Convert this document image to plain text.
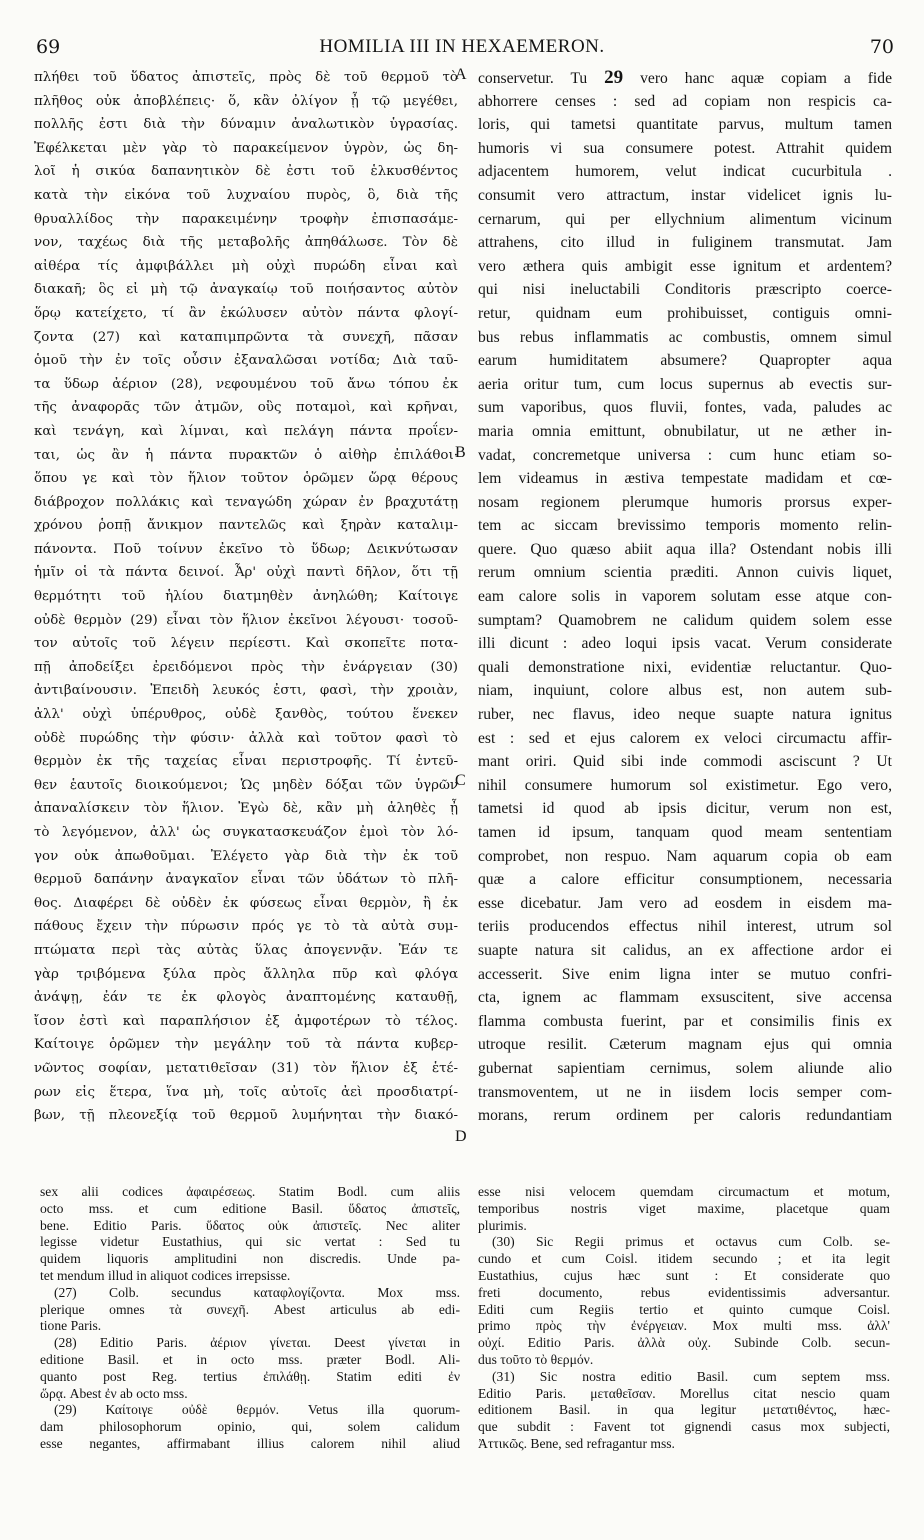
69	HOMILIA III IN HEXAEMERON.	70
πλήθει τοῦ ὕδατος ἀπιστεῖς, πρὸς δὲ τοῦ θερμοῦ τὸ
πλῆθος οὐκ ἀποβλέπεις· ὅ, κἂν ὀλίγον ᾖ τῷ μεγέθει,
πολλῆς ἐστι διὰ τὴν δύναμιν ἀναλωτικὸν ὑγρασίας.
Ἐφέλκεται μὲν γὰρ τὸ παρακείμενον ὑγρὸν, ὡς δη-
λοῖ ἡ σικύα δαπανητικὸν δὲ ἐστι τοῦ ἑλκυσθέντος
κατὰ τὴν εἰκόνα τοῦ λυχναίου πυρὸς, ὃ, διὰ τῆς
θρυαλλίδος τὴν παρακειμένην τροφὴν ἐπισπασάμε-
νον, ταχέως διὰ τῆς μεταβολῆς ἀπηθάλωσε. Τὸν δὲ
αἰθέρα τίς ἀμφιβάλλει μὴ οὐχὶ πυρώδη εἶναι καὶ
διακαῆ; ὃς εἰ μὴ τῷ ἀναγκαίῳ τοῦ ποιήσαντος αὐτὸν
ὅρῳ κατείχετο, τί ἂν ἐκώλυσεν αὐτὸν πάντα φλογί-
ζοντα (27) καὶ καταπιμπρῶντα τὰ συνεχῆ, πᾶσαν
ὁμοῦ τὴν ἐν τοῖς οὖσιν ἐξαναλῶσαι νοτίδα; Διὰ ταῦ-
τα ὕδωρ ἀέριον (28), νεφουμένου τοῦ ἄνω τόπου ἐκ
τῆς ἀναφορᾶς τῶν ἀτμῶν, οὓς ποταμοὶ, καὶ κρῆναι,
καὶ τενάγη, καὶ λίμναι, καὶ πελάγη πάντα προΐεν-
ται, ὡς ἂν ἡ πάντα πυρακτῶν ὁ αἰθὴρ ἐπιλάθοι·
ὅπου γε καὶ τὸν ἥλιον τοῦτον ὁρῶμεν ὥρᾳ θέρους
διάβροχον πολλάκις καὶ τεναγώδη χώραν ἐν βραχυτάτῃ
χρόνου ῥοπῇ ἄνικμον παντελῶς καὶ ξηρὰν καταλιμ-
πάνοντα. Ποῦ τοίνυν ἐκεῖνο τὸ ὕδωρ; Δεικνύτωσαν
ἡμῖν οἱ τὰ πάντα δεινοί. Ἆρ' οὐχὶ παντὶ δῆλον, ὅτι τῇ
θερμότητι τοῦ ἡλίου διατμηθὲν ἀνηλώθη; Καίτοιγε
οὐδὲ θερμὸν (29) εἶναι τὸν ἥλιον ἐκεῖνοι λέγουσι· τοσοῦ-
τον αὐτοῖς τοῦ λέγειν περίεστι. Καὶ σκοπεῖτε ποτα-
πῇ ἀποδείξει ἐρειδόμενοι πρὸς τὴν ἐνάργειαν (30)
ἀντιβαίνουσιν. Ἐπειδὴ λευκός ἐστι, φασὶ, τὴν χροιὰν,
ἀλλ' οὐχὶ ὑπέρυθρος, οὐδὲ ξανθὸς, τούτου ἕνεκεν
οὐδὲ πυρώδης τὴν φύσιν· ἀλλὰ καὶ τοῦτον φασὶ τὸ
θερμὸν ἐκ τῆς ταχείας εἶναι περιστροφῆς. Τί ἐντεῦ-
θεν ἑαυτοῖς διοικούμενοι; Ὡς μηδὲν δόξαι τῶν ὑγρῶν
ἀπαναλίσκειν τὸν ἥλιον. Ἐγὼ δὲ, κἂν μὴ ἀληθὲς ᾖ
τὸ λεγόμενον, ἀλλ' ὡς συγκατασκευάζον ἐμοὶ τὸν λό-
γον οὐκ ἀπωθοῦμαι. Ἐλέγετο γὰρ διὰ τὴν ἐκ τοῦ
θερμοῦ δαπάνην ἀναγκαῖον εἶναι τῶν ὑδάτων τὸ πλῆ-
θος. Διαφέρει δὲ οὐδὲν ἐκ φύσεως εἶναι θερμὸν, ἢ ἐκ
πάθους ἔχειν τὴν πύρωσιν πρός γε τὸ τὰ αὐτὰ συμ-
πτώματα περὶ τὰς αὐτὰς ὕλας ἀπογεννᾷν. Ἐάν τε
γὰρ τριβόμενα ξύλα πρὸς ἄλληλα πῦρ καὶ φλόγα
ἀνάψῃ, ἐάν τε ἐκ φλογὸς ἀναπτομένης καταυθῇ,
ἴσον ἐστὶ καὶ παραπλήσιον ἐξ ἀμφοτέρων τὸ τέλος.
Καίτοιγε ὁρῶμεν τὴν μεγάλην τοῦ τὰ πάντα κυβερ-
νῶντος σοφίαν, μετατιθεῖσαν (31) τὸν ἥλιον ἐξ ἑτέ-
ρων εἰς ἕτερα, ἵνα μὴ, τοῖς αὐτοῖς ἀεὶ προσδιατρί-
βων, τῇ πλεονεξίᾳ τοῦ θερμοῦ λυμήνηται τὴν διακό-
A
B
C
D
conservetur. Tu 29 vero hanc aquæ copiam a fide
abhorrere censes : sed ad copiam non respicis ca-
loris, qui tametsi quantitate parvus, multum tamen
humoris vi sua consumere potest. Attrahit quidem
adjacentem humorem, velut indicat cucurbitula .
consumit vero attractum, instar videlicet ignis lu-
cernarum, qui per ellychnium alimentum vicinum
attrahens, cito illud in fuliginem transmutat. Jam
vero æthera quis ambigit esse ignitum et ardentem?
qui nisi ineluctabili Conditoris præscripto coerce-
retur, quidnam eum prohibuisset, contiguis omni-
bus rebus inflammatis ac combustis, omnem simul
earum humiditatem absumere? Quapropter aqua
aeria oritur tum, cum locus supernus ab evectis sur-
sum vaporibus, quos fluvii, fontes, vada, paludes ac
maria omnia emittunt, obnubilatur, ut ne æther in-
vadat, concremetque universa : cum hunc etiam so-
lem videamus in æstiva tempestate madidam et cœ-
nosam regionem plerumque humoris prorsus exper-
tem ac siccam brevissimo temporis momento relin-
quere. Quo quæso abiit aqua illa? Ostendant nobis illi
rerum omnium scientia præditi. Annon cuivis liquet,
eam calore solis in vaporem solutam esse atque con-
sumptam? Quamobrem ne calidum quidem solem esse
illi dicunt : adeo loqui ipsis vacat. Verum considerate
quali demonstratione nixi, evidentiæ reluctantur. Quo-
niam, inquiunt, colore albus est, non autem sub-
ruber, nec flavus, ideo neque suapte natura ignitus
est : sed et ejus calorem ex veloci circumactu affir-
mant oriri. Quid sibi inde commodi asciscunt ? Ut
nihil consumere humorum sol existimetur. Ego vero,
tametsi id quod ab ipsis dicitur, verum non est,
tamen id ipsum, tanquam quod meam sententiam
comprobet, non respuo. Nam aquarum copia ob eam
quæ a calore efficitur consumptionem, necessaria
esse dicebatur. Jam vero ad eosdem in eisdem ma-
teriis producendos effectus nihil interest, utrum sol
suapte natura sit calidus, an ex affectione ardor ei
accesserit. Sive enim ligna inter se mutuo confri-
cta, ignem ac flammam exsuscitent, sive accensa
flamma combusta fuerint, par et consimilis finis ex
utroque resilit. Cæterum magnam ejus qui omnia
gubernat sapientiam cernimus, solem aliunde alio
transmoventem, ut ne in iisdem locis semper com-
morans, rerum ordinem per caloris redundantiam
sex alii codices ἀφαιρέσεως. Statim Bodl. cum aliis
octo mss. et cum editione Basil. ὕδατος ἀπιστεῖς,
bene. Editio Paris. ὕδατος οὐκ ἀπιστεῖς. Nec aliter
legisse videtur Eustathius, qui sic vertat : Sed tu
quidem liquoris amplitudini non discredis. Unde pa-
tet mendum illud in aliquot codices irrepsisse.
(27) Colb. secundus καταφλογίζοντα. Mox mss.
plerique omnes τὰ συνεχῆ. Abest articulus ab edi-
tione Paris.
(28) Editio Paris. ἀέριον γίνεται. Deest γίνεται in
editione Basil. et in octo mss. præter Bodl. Ali-
quanto post Reg. tertius ἐπιλάθῃ. Statim editi ἐν
ὥρᾳ. Abest ἐν ab octo mss.
(29) Καίτοιγε οὐδὲ θερμόν. Vetus illa quorum-
dam philosophorum opinio, qui, solem calidum
esse negantes, affirmabant illius calorem nihil aliud
esse nisi velocem quemdam circumactum et motum,
temporibus nostris viget maxime, placetque quam
plurimis.
(30) Sic Regii primus et octavus cum Colb. se-
cundo et cum Coisl. itidem secundo ; et ita legit
Eustathius, cujus hæc sunt : Et considerate quo
freti documento, rebus evidentissimis adversantur.
Editi cum Regiis tertio et quinto cumque Coisl.
primo πρὸς τὴν ἐνέργειαν. Mox multi mss. ἀλλ'
οὐχί. Editio Paris. ἀλλὰ οὐχ. Subinde Colb. secun-
dus τοῦτο τὸ θερμόν.
(31) Sic nostra editio Basil. cum septem mss.
Editio Paris. μεταθεῖσαν. Morellus citat nescio quam
editionem Basil. in qua legitur μετατιθέντος, hæc-
que subdit : Favent tot gignendi casus mox subjecti,
Ἀττικῶς. Bene, sed refragantur mss.
